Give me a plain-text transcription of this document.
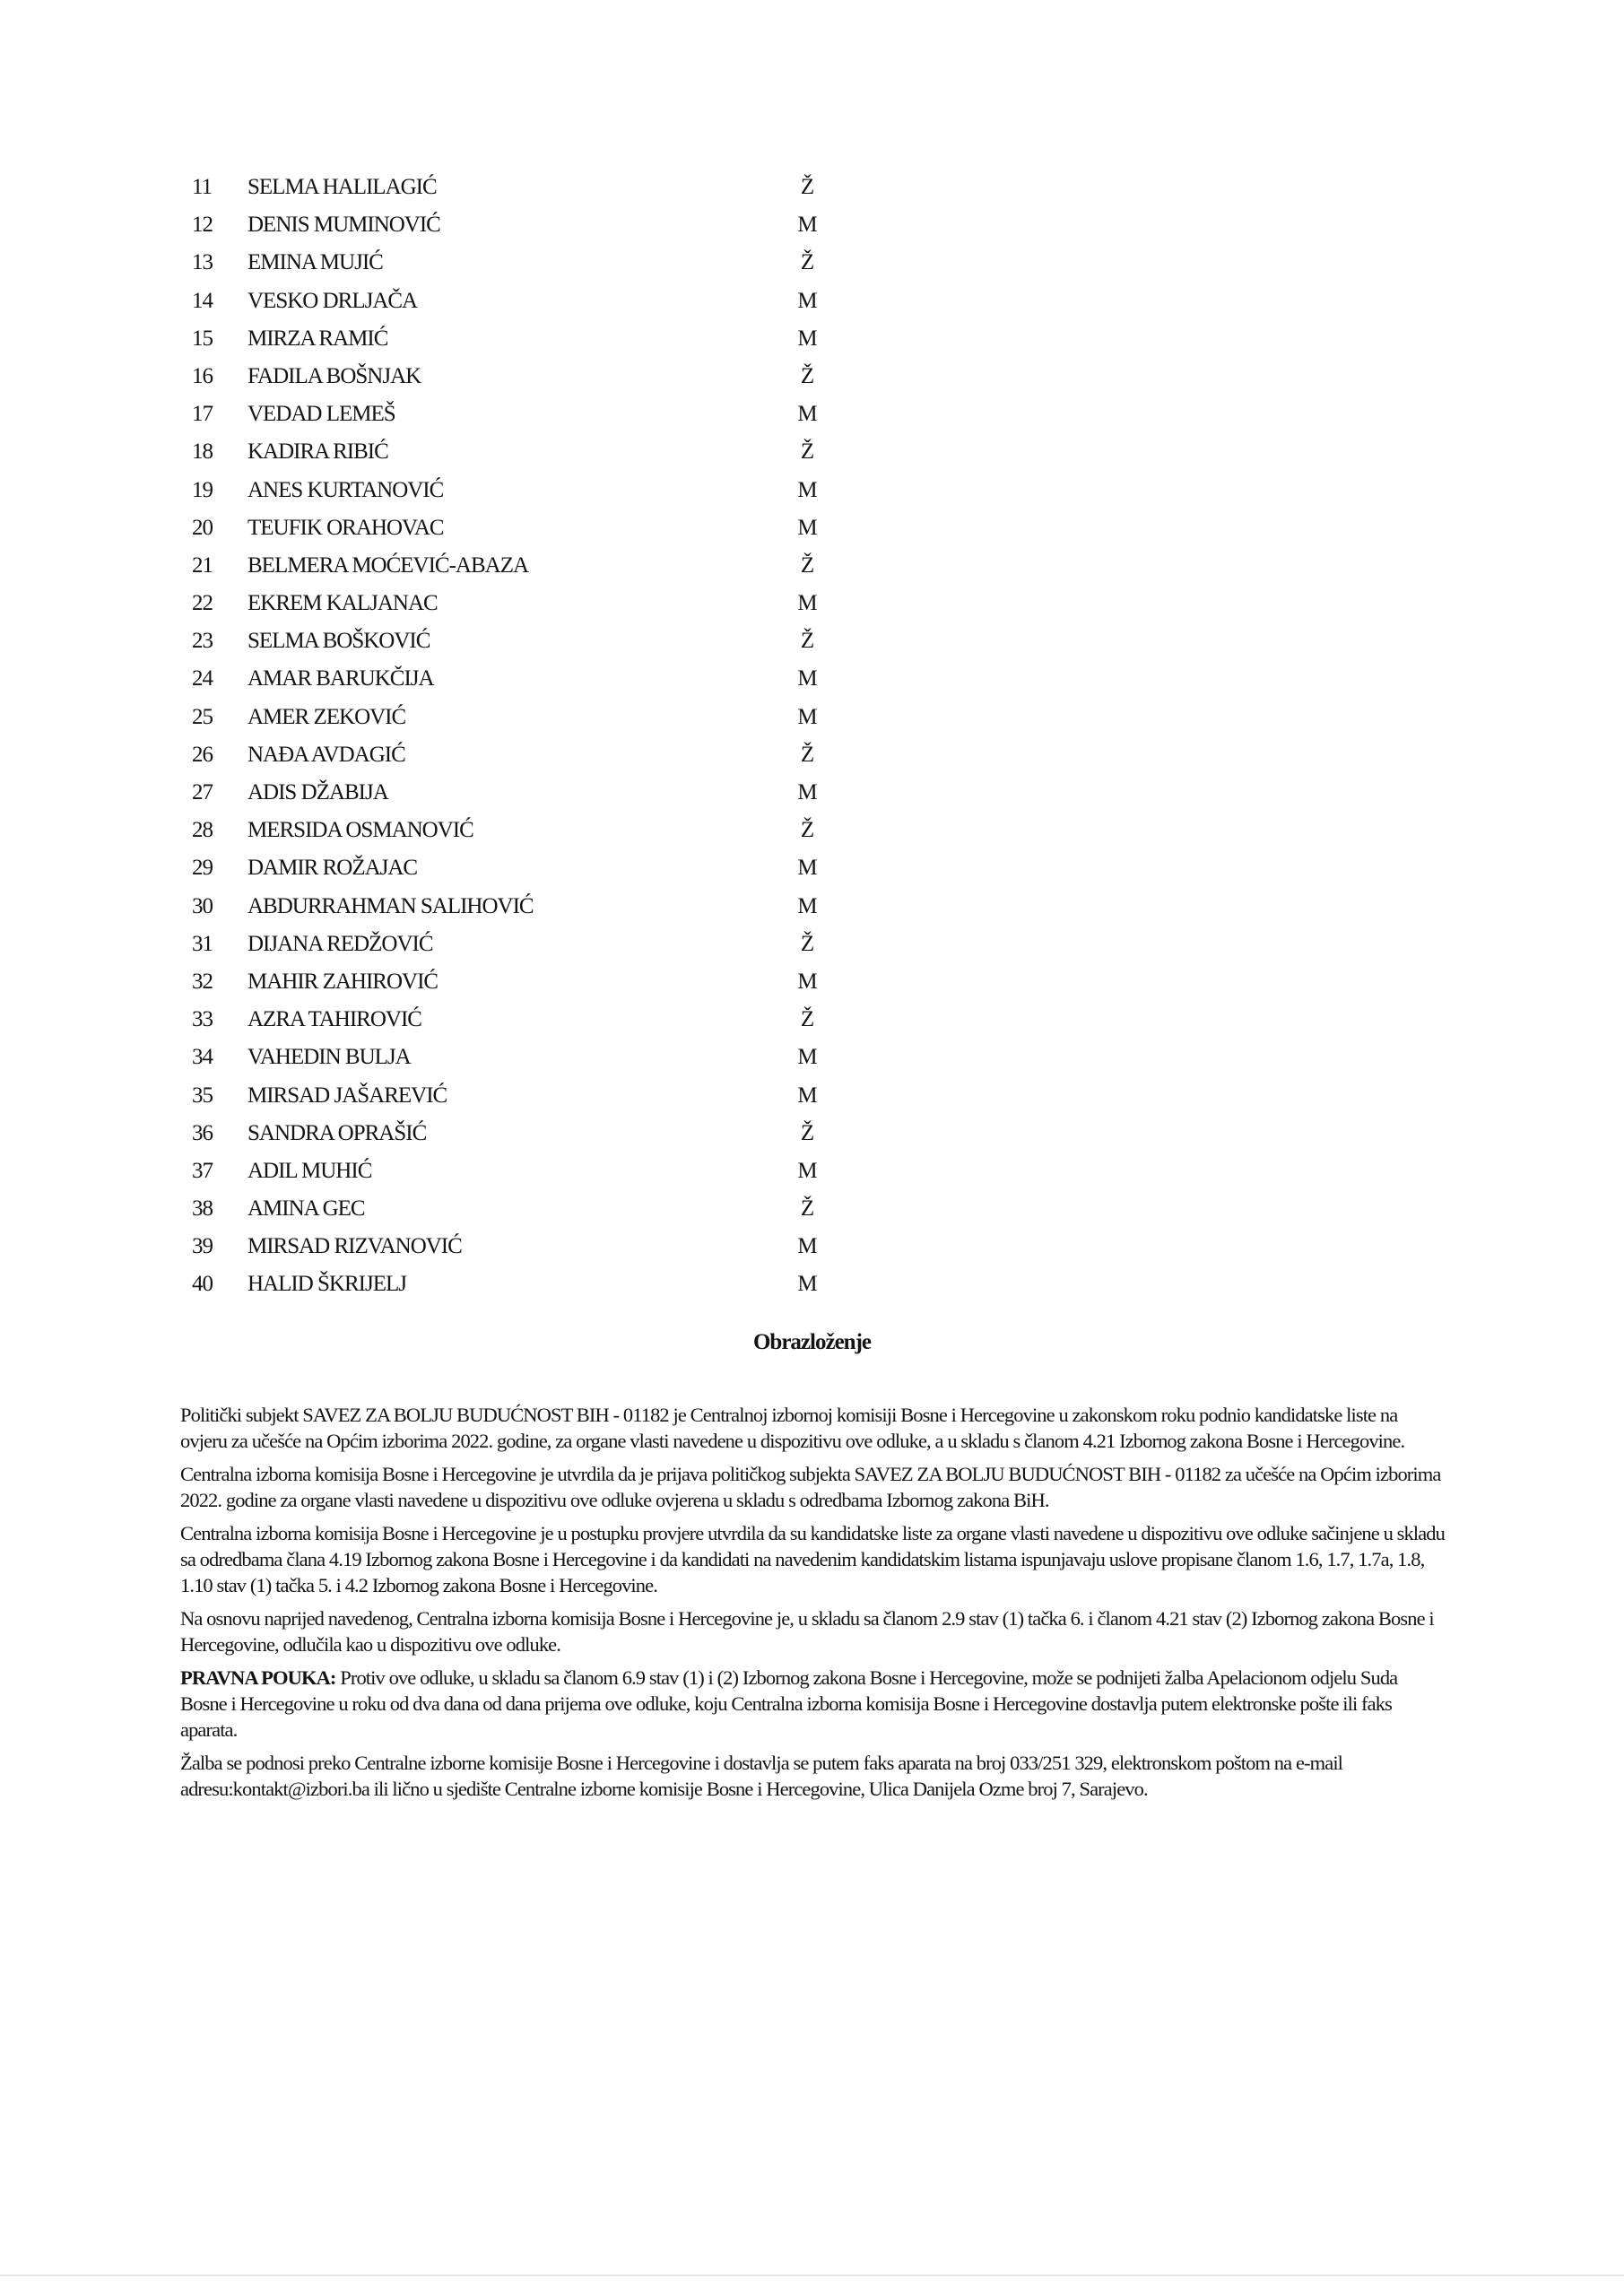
11	SELMA HALILAGIĆ	Ž
12	DENIS MUMINOVIĆ	M
13	EMINA MUJIĆ	Ž
14	VESKO DRLJAČA	M
15	MIRZA RAMIĆ	M
16	FADILA BOŠNJAK	Ž
17	VEDAD LEMEŠ	M
18	KADIRA RIBIĆ	Ž
19	ANES KURTANOVIĆ	M
20	TEUFIK ORAHOVAC	M
21	BELMERA MOĆEVIĆ-ABAZA	Ž
22	EKREM KALJANAC	M
23	SELMA BOŠKOVIĆ	Ž
24	AMAR BARUKČIJA	M
25	AMER ZEKOVIĆ	M
26	NAĐA AVDAGIĆ	Ž
27	ADIS DŽABIJA	M
28	MERSIDA OSMANOVIĆ	Ž
29	DAMIR ROŽAJAC	M
30	ABDURRAHMAN SALIHOVIĆ	M
31	DIJANA REDŽOVIĆ	Ž
32	MAHIR ZAHIROVIĆ	M
33	AZRA TAHIROVIĆ	Ž
34	VAHEDIN BULJA	M
35	MIRSAD JAŠAREVIĆ	M
36	SANDRA OPRAŠIĆ	Ž
37	ADIL MUHIĆ	M
38	AMINA GEC	Ž
39	MIRSAD RIZVANOVIĆ	M
40	HALID ŠKRIJELJ	M
Obrazloženje

Politički subjekt SAVEZ ZA BOLJU BUDUĆNOST BIH - 01182 je Centralnoj izbornoj komisiji Bosne i Hercegovine u zakonskom roku podnio kandidatske liste na ovjeru za učešće na Općim izborima 2022. godine, za organe vlasti navedene u dispozitivu ove odluke, a u skladu s članom 4.21 Izbornog zakona Bosne i Hercegovine.

Centralna izborna komisija Bosne i Hercegovine je utvrdila da je prijava političkog subjekta SAVEZ ZA BOLJU BUDUĆNOST BIH - 01182 za učešće na Općim izborima 2022. godine za organe vlasti navedene u dispozitivu ove odluke ovjerena u skladu s odredbama Izbornog zakona BiH.

Centralna izborna komisija Bosne i Hercegovine je u postupku provjere utvrdila da su kandidatske liste za organe vlasti navedene u dispozitivu ove odluke sačinjene u skladu sa odredbama člana 4.19 Izbornog zakona Bosne i Hercegovine i da kandidati na navedenim kandidatskim listama ispunjavaju uslove propisane članom 1.6, 1.7, 1.7a, 1.8, 1.10 stav (1) tačka 5. i 4.2 Izbornog zakona Bosne i Hercegovine.

Na osnovu naprijed navedenog, Centralna izborna komisija Bosne i Hercegovine je, u skladu sa članom 2.9 stav (1) tačka 6. i članom 4.21 stav (2) Izbornog zakona Bosne i Hercegovine, odlučila kao u dispozitivu ove odluke.

PRAVNA POUKA: Protiv ove odluke, u skladu sa članom 6.9 stav (1) i (2) Izbornog zakona Bosne i Hercegovine, može se podnijeti žalba Apelacionom odjelu Suda Bosne i Hercegovine u roku od dva dana od dana prijema ove odluke, koju Centralna izborna komisija Bosne i Hercegovine dostavlja putem elektronske pošte ili faks aparata.

Žalba se podnosi preko Centralne izborne komisije Bosne i Hercegovine i dostavlja se putem faks aparata na broj 033/251 329, elektronskom poštom na e-mail adresu:kontakt@izbori.ba ili lično u sjedište Centralne izborne komisije Bosne i Hercegovine, Ulica Danijela Ozme broj 7, Sarajevo.
